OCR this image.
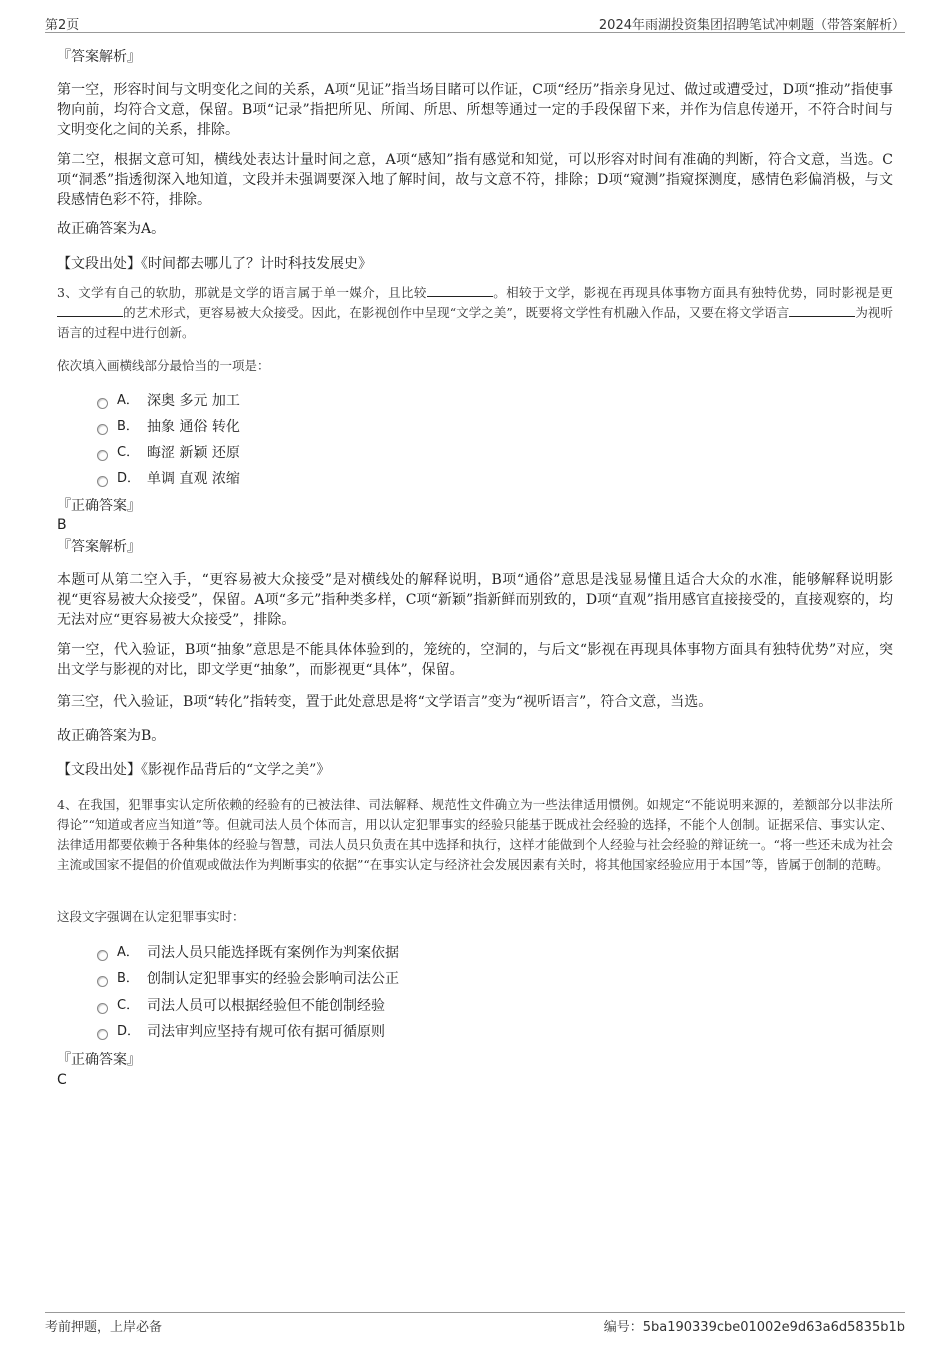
第2页	2024年雨湖投资集团招聘笔试冲刺题（带答案解析）
『答案解析』
第一空，形容时间与文明变化之间的关系，A项“见证”指当场目睹可以作证，C项“经历”指亲身见过、做过或遭受过，D项“推动”指使事物向前，均符合文意，保留。B项“记录”指把所见、所闻、所思、所想等通过一定的手段保留下来，并作为信息传递开，不符合时间与文明变化之间的关系，排除。
第二空，根据文意可知，横线处表达计量时间之意，A项“感知”指有感觉和知觉，可以形容对时间有准确的判断，符合文意，当选。C项“洞悉”指透彻深入地知道，文段并未强调要深入地了解时间，故与文意不符，排除；D项“窥测”指窥探测度，感情色彩偏消极，与文段感情色彩不符，排除。
故正确答案为A。
【文段出处】《时间都去哪儿了？计时科技发展史》
3、文学有自己的软肋，那就是文学的语言属于单一媒介，且比较	。相较于文学，影视在再现具体事物方面具有独特优势，同时影视是更的艺术形式，更容易被大众接受。因此，在影视创作中呈现“文学之美”，既要将文学性有机融入作品，又要在将文学语言	为视听语言的过程中进行创新。
依次填入画横线部分最恰当的一项是：
A． 深奥 多元 加工
B． 抽象 通俗 转化
C． 晦涩 新颖 还原
D． 单调 直观 浓缩
『正确答案』
B
『答案解析』
本题可从第二空入手，“更容易被大众接受”是对横线处的解释说明，B项“通俗”意思是浅显易懂且适合大众的水准，能够解释说明影视“更容易被大众接受”，保留。A项“多元”指种类多样，C项“新颖”指新鲜而别致的，D项“直观”指用感官直接接受的，直接观察的，均无法对应“更容易被大众接受”，排除。
第一空，代入验证，B项“抽象”意思是不能具体体验到的，笼统的，空洞的，与后文“影视在再现具体事物方面具有独特优势”对应，突出文学与影视的对比，即文学更“抽象”，而影视更“具体”，保留。
第三空，代入验证，B项“转化”指转变，置于此处意思是将“文学语言”变为“视听语言”，符合文意，当选。
故正确答案为B。
【文段出处】《影视作品背后的“文学之美”》
4、在我国，犯罪事实认定所依赖的经验有的已被法律、司法解释、规范性文件确立为一些法律适用惯例。如规定“不能说明来源的，差额部分以非法所得论”“知道或者应当知道”等。但就司法人员个体而言，用以认定犯罪事实的经验只能基于既成社会经验的选择，不能个人创制。证据采信、事实认定、法律适用都要依赖于各种集体的经验与智慧，司法人员只负责在其中选择和执行，这样才能做到个人经验与社会经验的辩证统一。“将一些还未成为社会主流或国家不提倡的价值观或做法作为判断事实的依据”“在事实认定与经济社会发展因素有关时，将其他国家经验应用于本国”等，皆属于创制的范畴。
这段文字强调在认定犯罪事实时：
A． 司法人员只能选择既有案例作为判案依据
B． 创制认定犯罪事实的经验会影响司法公正
C． 司法人员可以根据经验但不能创制经验
D． 司法审判应坚持有规可依有据可循原则
『正确答案』
C
考前押题，上岸必备	编号：5ba190339cbe01002e9d63a6d5835b1b
